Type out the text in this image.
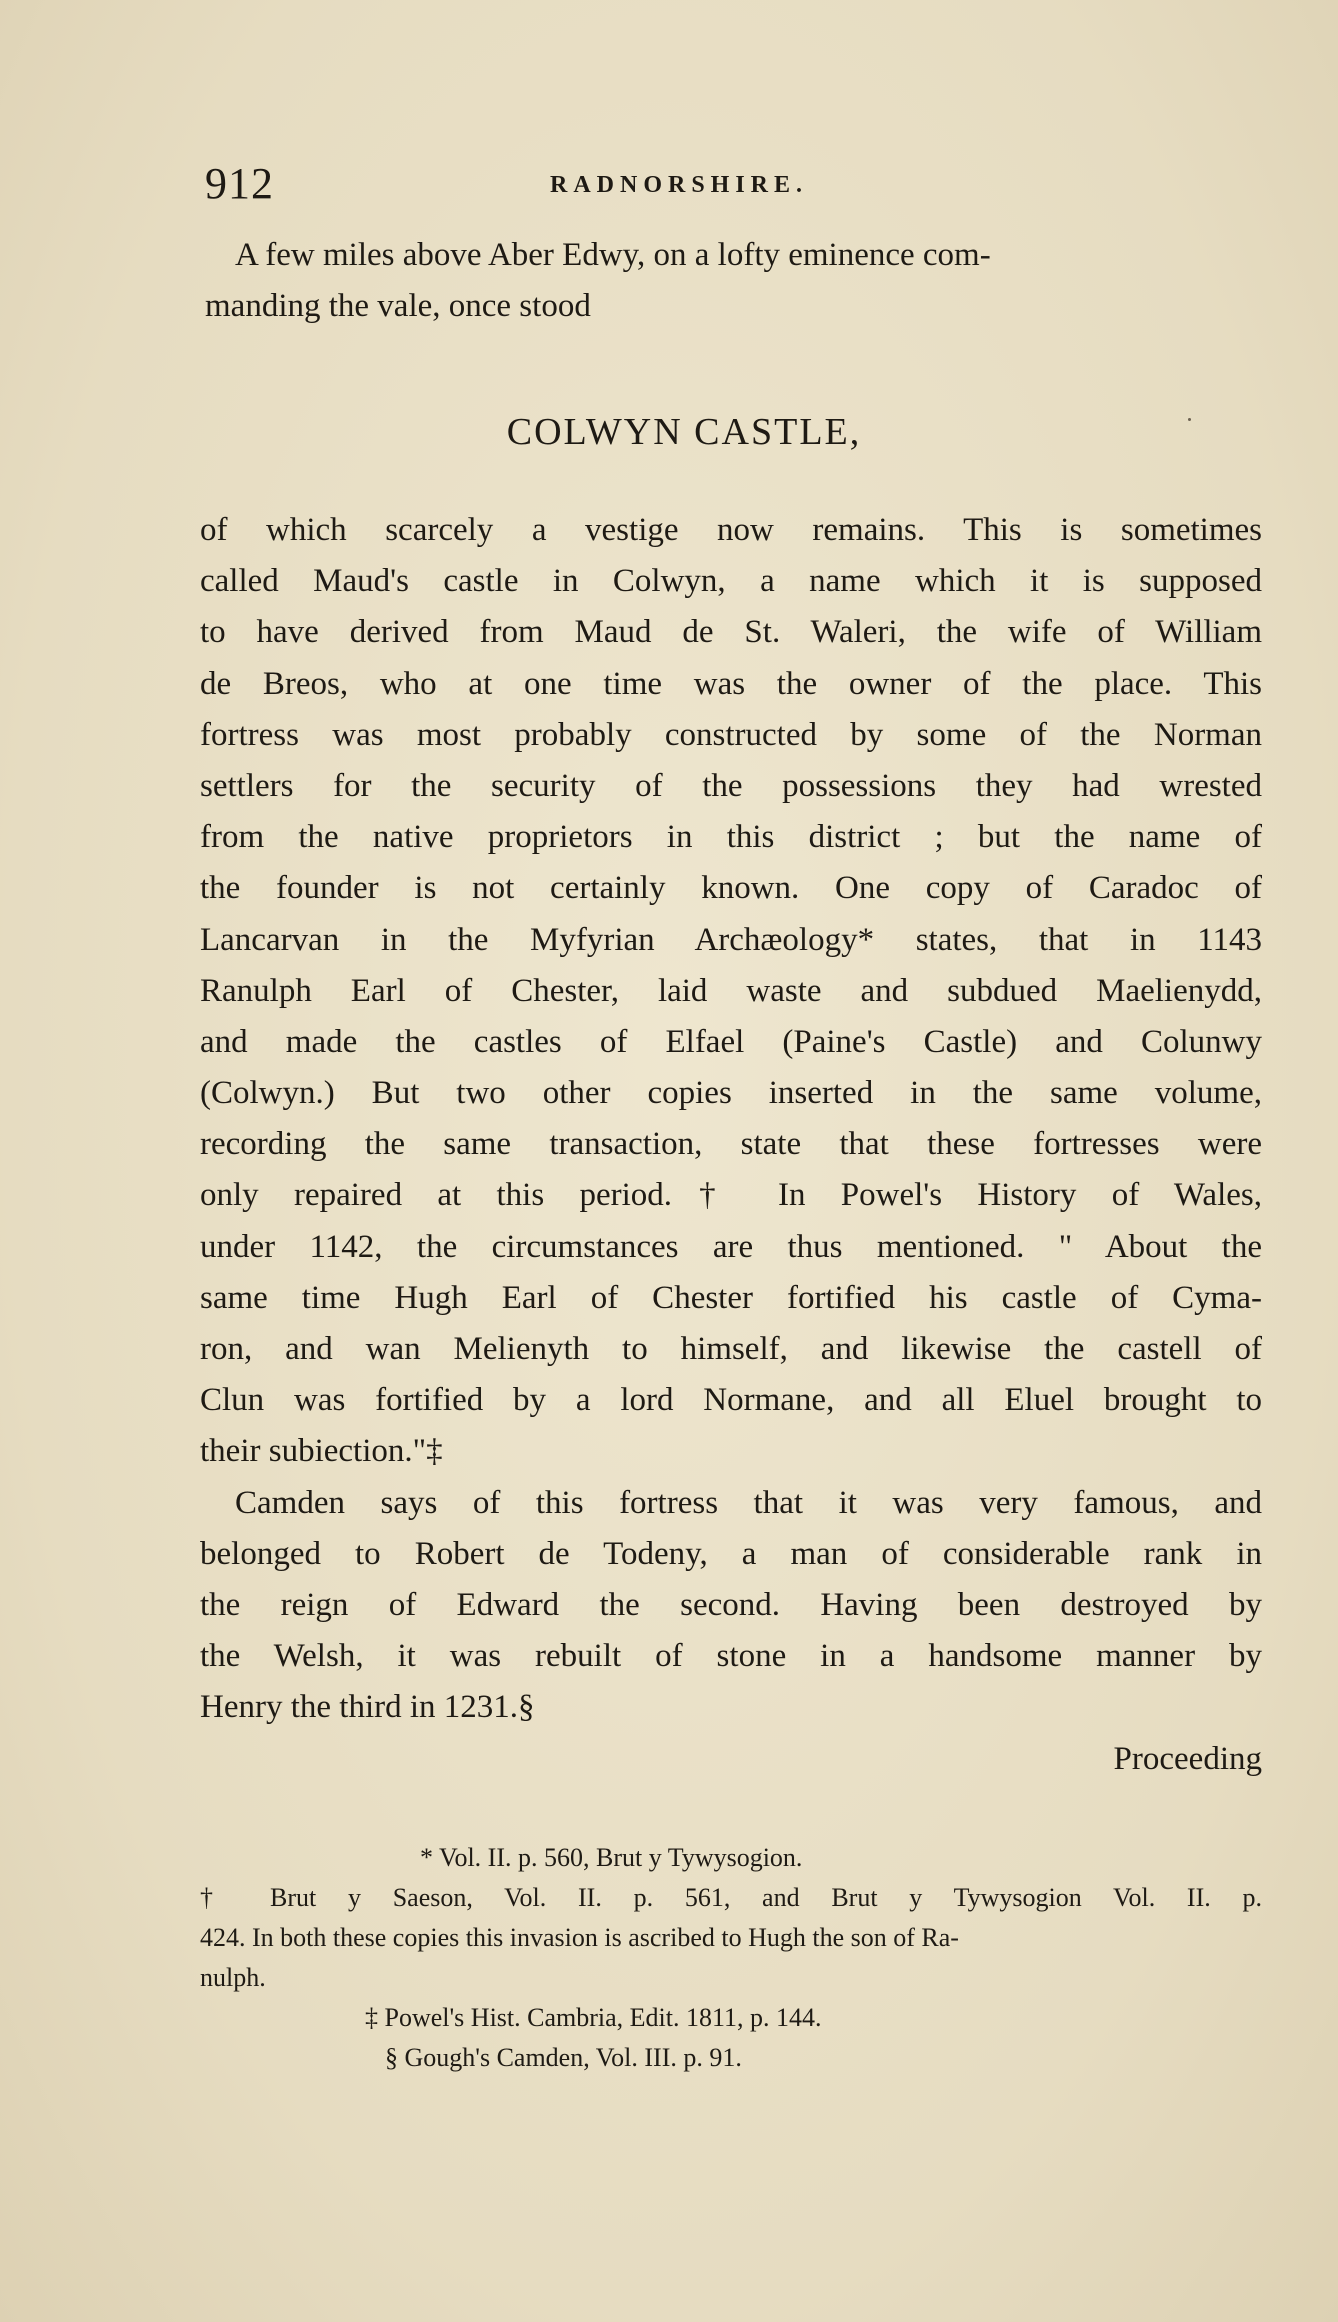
912	RADNORSHIRE.
A few miles above Aber Edwy, on a lofty eminence com-
manding the vale, once stood
COLWYN CASTLE,
of which scarcely a vestige now remains. This is sometimes
called Maud's castle in Colwyn, a name which it is supposed
to have derived from Maud de St. Waleri, the wife of William
de Breos, who at one time was the owner of the place. This
fortress was most probably constructed by some of the Norman
settlers for the security of the possessions they had wrested
from the native proprietors in this district ; but the name of
the founder is not certainly known. One copy of Caradoc of
Lancarvan in the Myfyrian Archæology* states, that in 1143
Ranulph Earl of Chester, laid waste and subdued Maelienydd,
and made the castles of Elfael (Paine's Castle) and Colunwy
(Colwyn.) But two other copies inserted in the same volume,
recording the same transaction, state that these fortresses were
only repaired at this period.† In Powel's History of Wales,
under 1142, the circumstances are thus mentioned. " About the
same time Hugh Earl of Chester fortified his castle of Cyma-
ron, and wan Melienyth to himself, and likewise the castell of
Clun was fortified by a lord Normane, and all Eluel brought to
their subiection."‡
Camden says of this fortress that it was very famous, and
belonged to Robert de Todeny, a man of considerable rank in
the reign of Edward the second. Having been destroyed by
the Welsh, it was rebuilt of stone in a handsome manner by
Henry the third in 1231.§
Proceeding
* Vol. II. p. 560, Brut y Tywysogion.
† Brut y Saeson, Vol. II. p. 561, and Brut y Tywysogion Vol. II. p.
424. In both these copies this invasion is ascribed to Hugh the son of Ra-
nulph.
‡ Powel's Hist. Cambria, Edit. 1811, p. 144.
§ Gough's Camden, Vol. III. p. 91.
